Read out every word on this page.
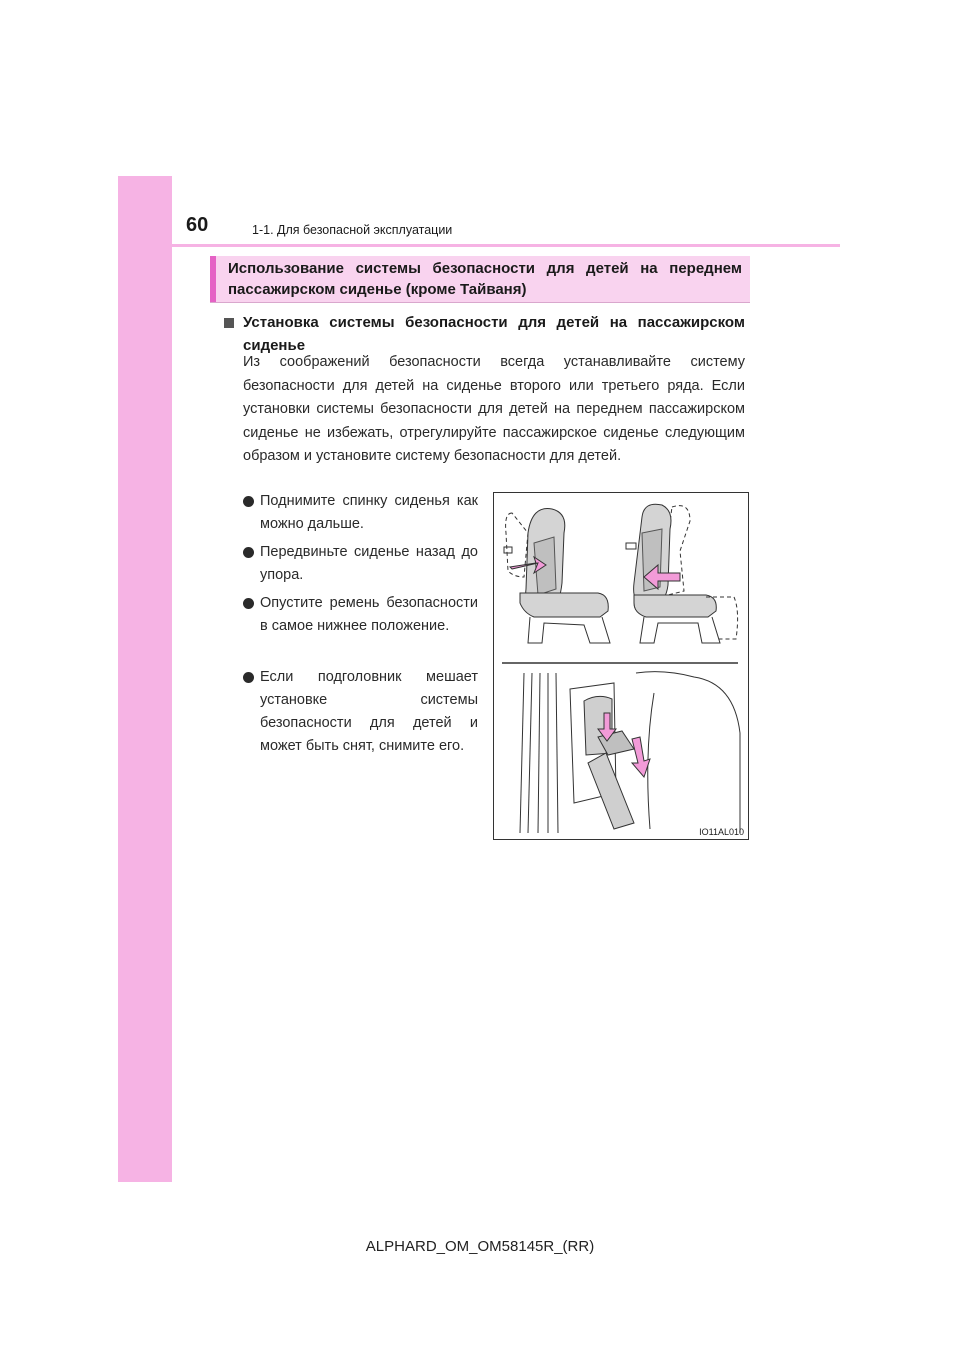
60	1-1. Для безопасной эксплуатации
Использование системы безопасности для детей на переднем
пассажирском сиденье (кроме Тайваня)
Установка системы безопасности для детей на пассажирском сиденье
Из соображений безопасности всегда устанавливайте систему безопасности для детей на сиденье второго или третьего ряда. Если установки системы безопасности для детей на переднем пассажирском сиденье не избежать, отрегулируйте пассажирское сиденье следующим образом и установите систему безопасности для детей.
Поднимите спинку сиденья как можно дальше.
Передвиньте сиденье назад до упора.
Опустите ремень безопасности в самое нижнее положение.
Если подголовник мешает установке системы безопасности для детей и может быть снят, снимите его.
IO11AL010
ALPHARD_OM_OM58145R_(RR)
